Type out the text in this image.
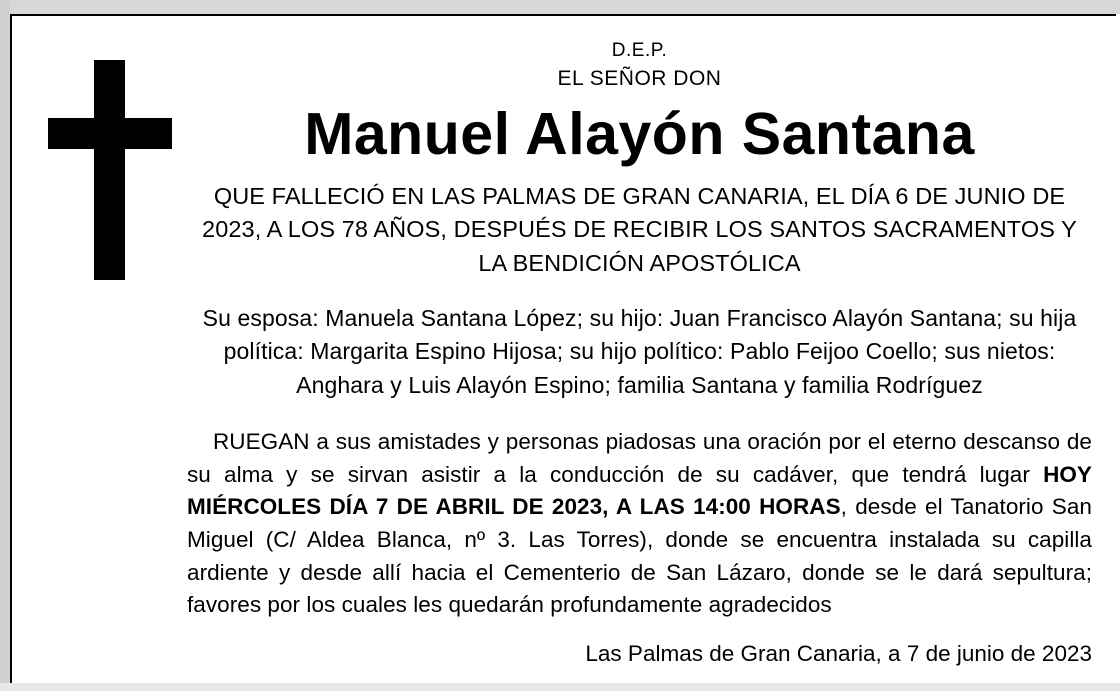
D.E.P.
EL SEÑOR DON
Manuel Alayón Santana
QUE FALLECIÓ EN LAS PALMAS DE GRAN CANARIA, EL DÍA 6 DE JUNIO DE 2023, A LOS 78 AÑOS, DESPUÉS DE RECIBIR LOS SANTOS SACRAMENTOS Y LA BENDICIÓN APOSTÓLICA
Su esposa: Manuela Santana López; su hijo: Juan Francisco Alayón Santana; su hija política: Margarita Espino Hijosa; su hijo político: Pablo Feijoo Coello; sus nietos: Anghara y Luis Alayón Espino; familia Santana y familia Rodríguez
RUEGAN a sus amistades y personas piadosas una oración por el eterno descanso de su alma y se sirvan asistir a la conducción de su cadáver, que tendrá lugar HOY MIÉRCOLES DÍA 7 DE ABRIL DE 2023, A LAS 14:00 HORAS, desde el Tanatorio San Miguel (C/ Aldea Blanca, nº 3. Las Torres), donde se encuentra instalada su capilla ardiente y desde allí hacia el Cementerio de San Lázaro, donde se le dará sepultura; favores por los cuales les quedarán profundamente agradecidos
Las Palmas de Gran Canaria, a 7 de junio de 2023
